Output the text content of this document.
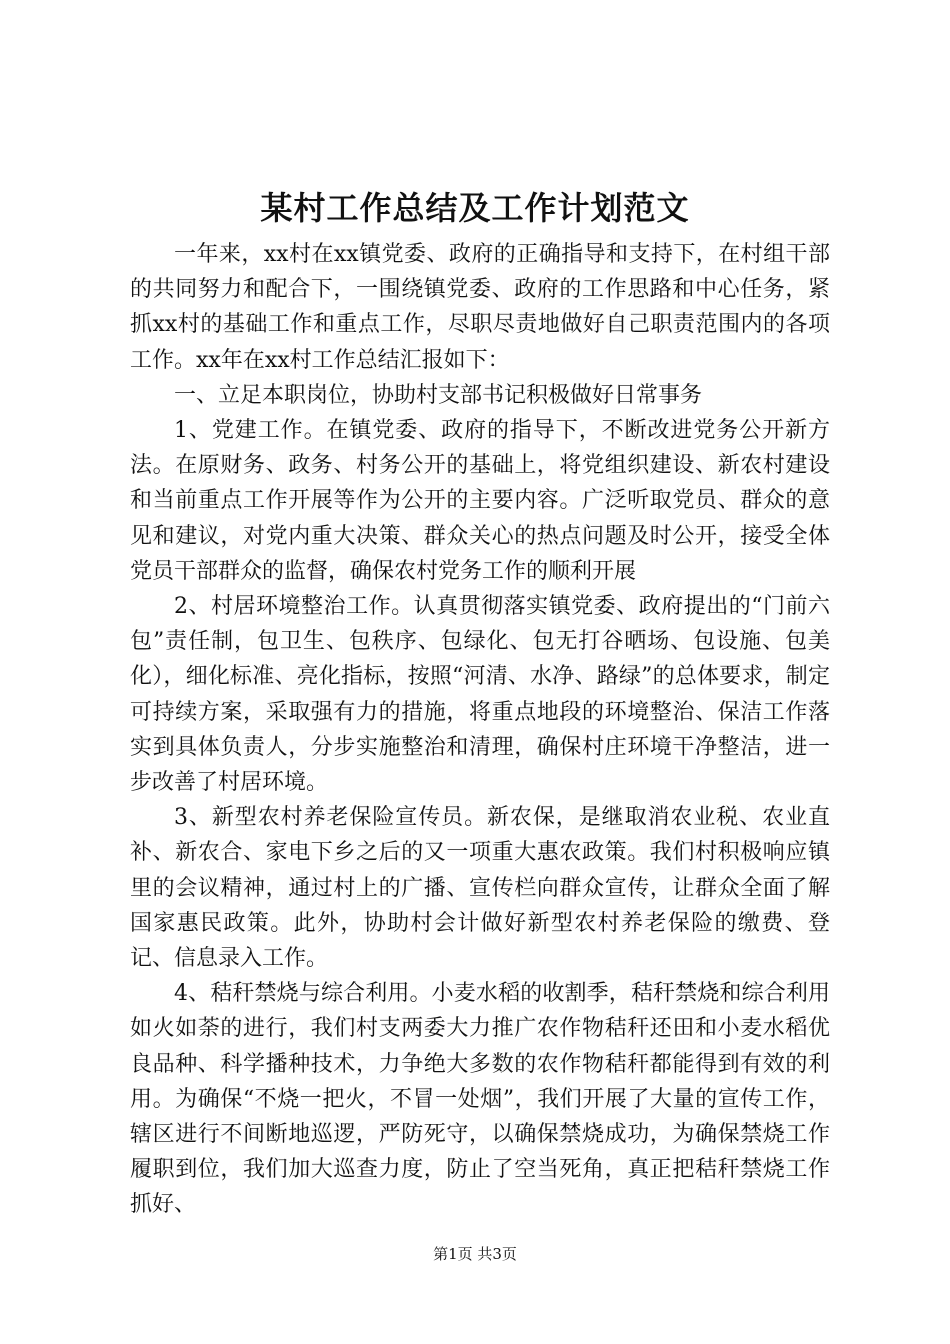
某村工作总结及工作计划范文

一年来，xx村在xx镇党委、政府的正确指导和支持下，在村组干部的共同努力和配合下，一围绕镇党委、政府的工作思路和中心任务，紧抓xx村的基础工作和重点工作，尽职尽责地做好自己职责范围内的各项工作。xx年在xx村工作总结汇报如下：

一、立足本职岗位，协助村支部书记积极做好日常事务

1、党建工作。在镇党委、政府的指导下，不断改进党务公开新方法。在原财务、政务、村务公开的基础上，将党组织建设、新农村建设和当前重点工作开展等作为公开的主要内容。广泛听取党员、群众的意见和建议，对党内重大决策、群众关心的热点问题及时公开，接受全体党员干部群众的监督，确保农村党务工作的顺利开展

2、村居环境整治工作。认真贯彻落实镇党委、政府提出的“门前六包”责任制，包卫生、包秩序、包绿化、包无打谷晒场、包设施、包美化），细化标准、亮化指标，按照“河清、水净、路绿”的总体要求，制定可持续方案，采取强有力的措施，将重点地段的环境整治、保洁工作落实到具体负责人，分步实施整治和清理，确保村庄环境干净整洁，进一步改善了村居环境。

3、新型农村养老保险宣传员。新农保，是继取消农业税、农业直补、新农合、家电下乡之后的又一项重大惠农政策。我们村积极响应镇里的会议精神，通过村上的广播、宣传栏向群众宣传，让群众全面了解国家惠民政策。此外，协助村会计做好新型农村养老保险的缴费、登记、信息录入工作。

4、秸秆禁烧与综合利用。小麦水稻的收割季，秸秆禁烧和综合利用如火如荼的进行，我们村支两委大力推广农作物秸秆还田和小麦水稻优良品种、科学播种技术，力争绝大多数的农作物秸秆都能得到有效的利用。为确保“不烧一把火，不冒一处烟”，我们开展了大量的宣传工作，辖区进行不间断地巡逻，严防死守，以确保禁烧成功，为确保禁烧工作履职到位，我们加大巡查力度，防止了空当死角，真正把秸秆禁烧工作抓好、

第1页 共3页
